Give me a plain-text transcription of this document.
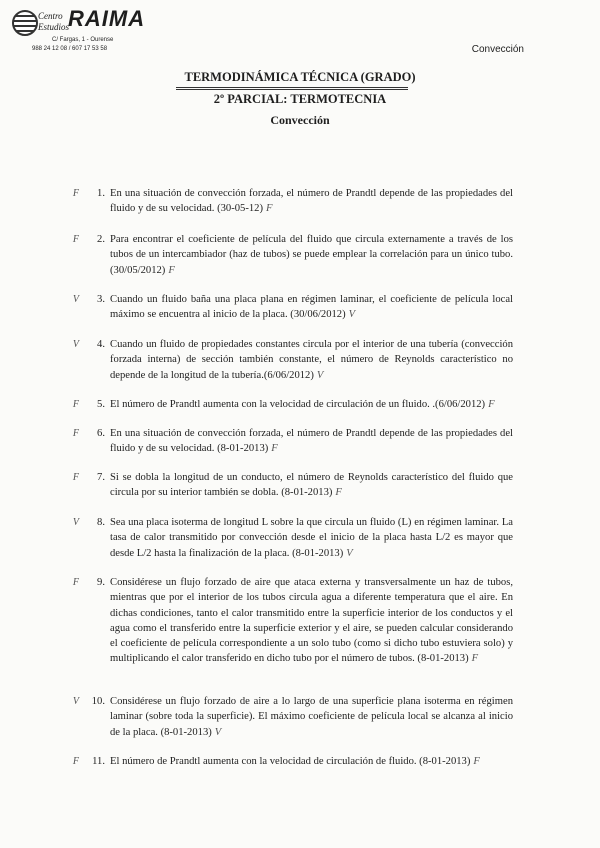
Centro
Estudios
RAIMA
C/ Fargas, 1 - Ourense
988 24 12 08 / 607 17 53 58	Convección
TERMODINÁMICA TÉCNICA (GRADO)
2º PARCIAL: TERMOTECNIA
Convección
F	1. En una situación de convección forzada, el número de Prandtl depende de las propiedades del fluido y de su velocidad. (30-05-12) F
F	2. Para encontrar el coeficiente de película del fluido que circula externamente a través de los tubos de un intercambiador (haz de tubos) se puede emplear la correlación para un único tubo.(30/05/2012) F
V	3. Cuando un fluido baña una placa plana en régimen laminar, el coeficiente de película local máximo se encuentra al inicio de la placa. (30/06/2012) V
V	4. Cuando un fluido de propiedades constantes circula por el interior de una tubería (convección forzada interna) de sección también constante, el número de Reynolds característico no depende de la longitud de la tubería.(6/06/2012) V
F	5. El número de Prandtl aumenta con la velocidad de circulación de un fluido. .(6/06/2012) F
F	6. En una situación de convección forzada, el número de Prandtl depende de las propiedades del fluido y de su velocidad. (8-01-2013) F
F	7. Si se dobla la longitud de un conducto, el número de Reynolds característico del fluido que circula por su interior también se dobla. (8-01-2013) F
V	8. Sea una placa isoterma de longitud L sobre la que circula un fluido (L) en régimen laminar. La tasa de calor transmitido por convección desde el inicio de la placa hasta L/2 es mayor que desde L/2 hasta la finalización de la placa. (8-01-2013) V
F	9. Considérese un flujo forzado de aire que ataca externa y transversalmente un haz de tubos, mientras que por el interior de los tubos circula agua a diferente temperatura que el aire. En dichas condiciones, tanto el calor transmitido entre la superficie interior de los conductos y el agua como el transferido entre la superficie exterior y el aire, se pueden calcular considerando el coeficiente de película correspondiente a un solo tubo (como si dicho tubo estuviera solo) y multiplicando el calor transferido en dicho tubo por el número de tubos. (8-01-2013) F
V	10. Considérese un flujo forzado de aire a lo largo de una superficie plana isoterma en régimen laminar (sobre toda la superficie). El máximo coeficiente de película local se alcanza al inicio de la placa. (8-01-2013) V
F	11. El número de Prandtl aumenta con la velocidad de circulación de fluido. (8-01-2013) F
